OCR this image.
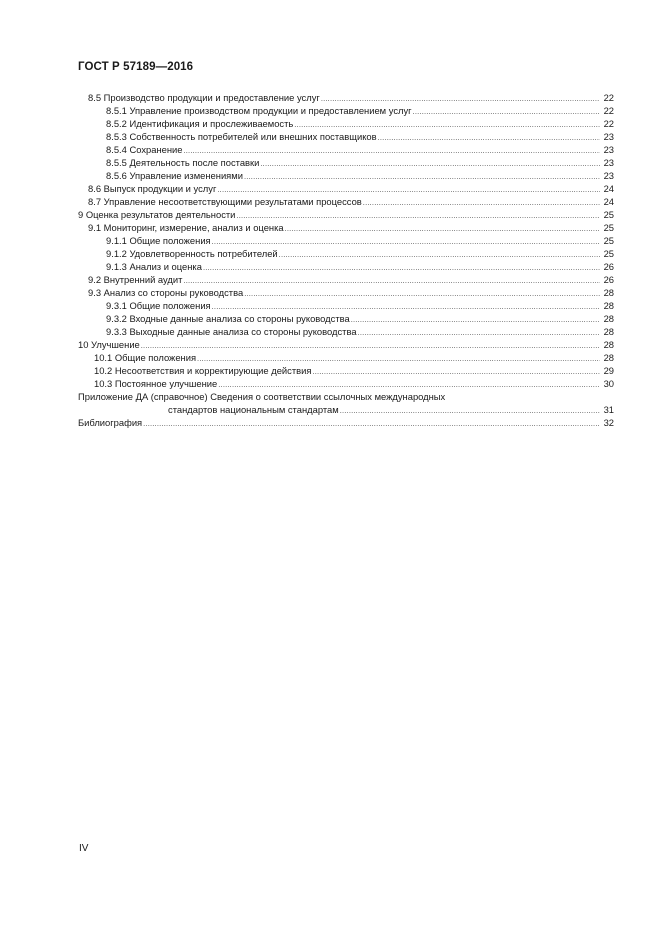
ГОСТ Р 57189—2016
8.5 Производство продукции и предоставление услуг .....	22
8.5.1 Управление производством продукции и предоставлением услуг .....	22
8.5.2 Идентификация и прослеживаемость .....	22
8.5.3 Собственность потребителей или внешних поставщиков .....	23
8.5.4 Сохранение .....	23
8.5.5 Деятельность после поставки .....	23
8.5.6 Управление изменениями .....	23
8.6 Выпуск продукции и услуг .....	24
8.7 Управление несоответствующими результатами процессов .....	24
9 Оценка результатов деятельности .....	25
9.1 Мониторинг, измерение, анализ и оценка .....	25
9.1.1 Общие положения .....	25
9.1.2 Удовлетворенность потребителей .....	25
9.1.3 Анализ и оценка .....	26
9.2 Внутренний аудит .....	26
9.3 Анализ со стороны руководства .....	28
9.3.1 Общие положения .....	28
9.3.2 Входные данные анализа со стороны руководства .....	28
9.3.3 Выходные данные анализа со стороны руководства .....	28
10 Улучшение .....	28
10.1 Общие положения .....	28
10.2 Несоответствия и корректирующие действия .....	29
10.3 Постоянное улучшение .....	30
Приложение ДА (справочное) Сведения о соответствии ссылочных международных
стандартов национальным стандартам .....	31
Библиография .....	32
IV
